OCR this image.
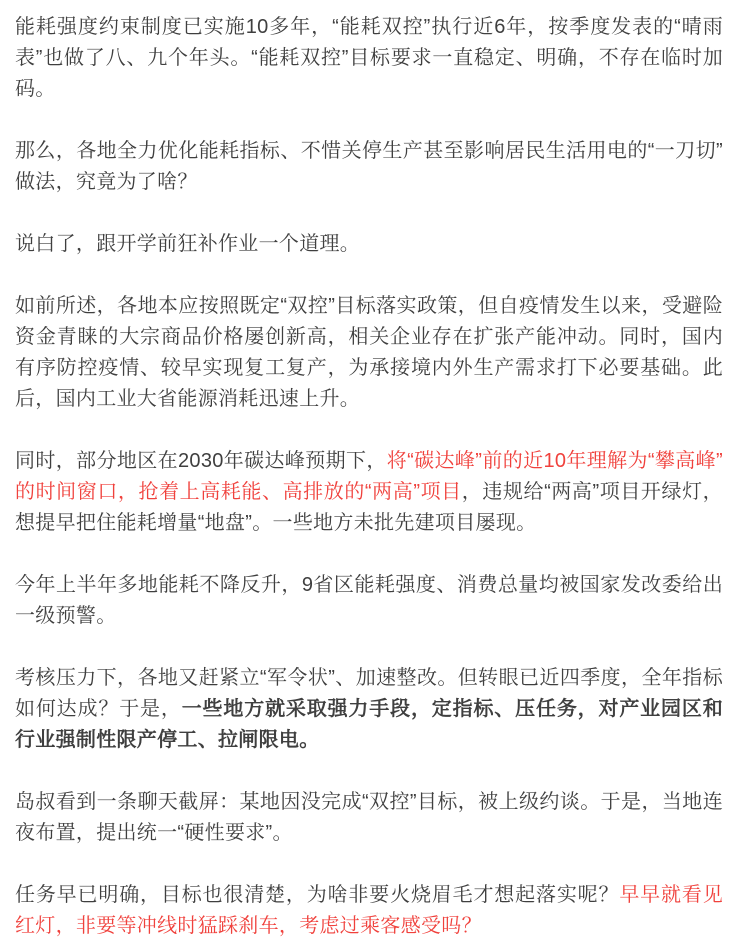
能耗强度约束制度已实施10多年，“能耗双控”执行近6年，按季度发表的“晴雨表”也做了八、九个年头。“能耗双控”目标要求一直稳定、明确，不存在临时加码。

那么，各地全力优化能耗指标、不惜关停生产甚至影响居民生活用电的“一刀切”做法，究竟为了啥？

说白了，跟开学前狂补作业一个道理。

如前所述，各地本应按照既定“双控”目标落实政策，但自疫情发生以来，受避险资金青睐的大宗商品价格屡创新高，相关企业存在扩张产能冲动。同时，国内有序防控疫情、较早实现复工复产，为承接境内外生产需求打下必要基础。此后，国内工业大省能源消耗迅速上升。

同时，部分地区在2030年碳达峰预期下，将“碳达峰”前的近10年理解为“攀高峰”的时间窗口，抢着上高耗能、高排放的“两高”项目，违规给“两高”项目开绿灯，想提早把住能耗增量“地盘”。一些地方未批先建项目屡现。

今年上半年多地能耗不降反升，9省区能耗强度、消费总量均被国家发改委给出一级预警。

考核压力下，各地又赶紧立“军令状”、加速整改。但转眼已近四季度，全年指标如何达成？于是，一些地方就采取强力手段，定指标、压任务，对产业园区和行业强制性限产停工、拉闸限电。

岛叔看到一条聊天截屏：某地因没完成“双控”目标，被上级约谈。于是，当地连夜布置，提出统一“硬性要求”。

任务早已明确，目标也很清楚，为啥非要火烧眉毛才想起落实呢？早早就看见红灯，非要等冲线时猛踩刹车，考虑过乘客感受吗？
